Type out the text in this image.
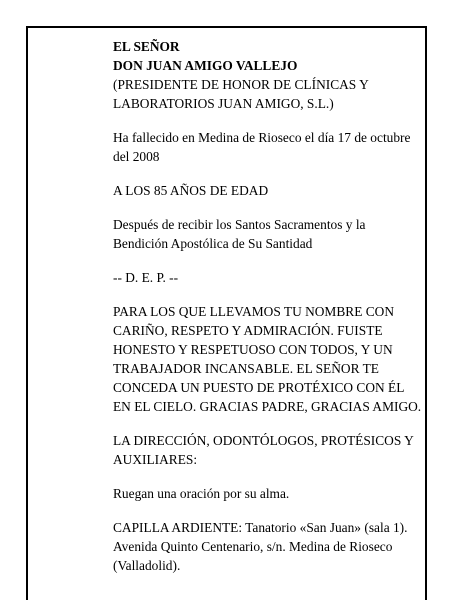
EL SEÑOR
DON JUAN AMIGO VALLEJO
(PRESIDENTE DE HONOR DE CLÍNICAS Y LABORATORIOS JUAN AMIGO, S.L.)

Ha fallecido en Medina de Rioseco el día 17 de octubre del 2008

A LOS 85 AÑOS DE EDAD

Después de recibir los Santos Sacramentos y la Bendición Apostólica de Su Santidad

-- D. E. P. --

PARA LOS QUE LLEVAMOS TU NOMBRE CON CARIÑO, RESPETO Y ADMIRACIÓN. FUISTE HONESTO Y RESPETUOSO CON TODOS, Y UN TRABAJADOR INCANSABLE. EL SEÑOR TE CONCEDA UN PUESTO DE PROTÉXICO CON ÉL EN EL CIELO. GRACIAS PADRE, GRACIAS AMIGO.

LA DIRECCIÓN, ODONTÓLOGOS, PROTÉSICOS Y AUXILIARES:

Ruegan una oración por su alma.

CAPILLA ARDIENTE: Tanatorio «San Juan» (sala 1). Avenida Quinto Centenario, s/n. Medina de Rioseco (Valladolid).
